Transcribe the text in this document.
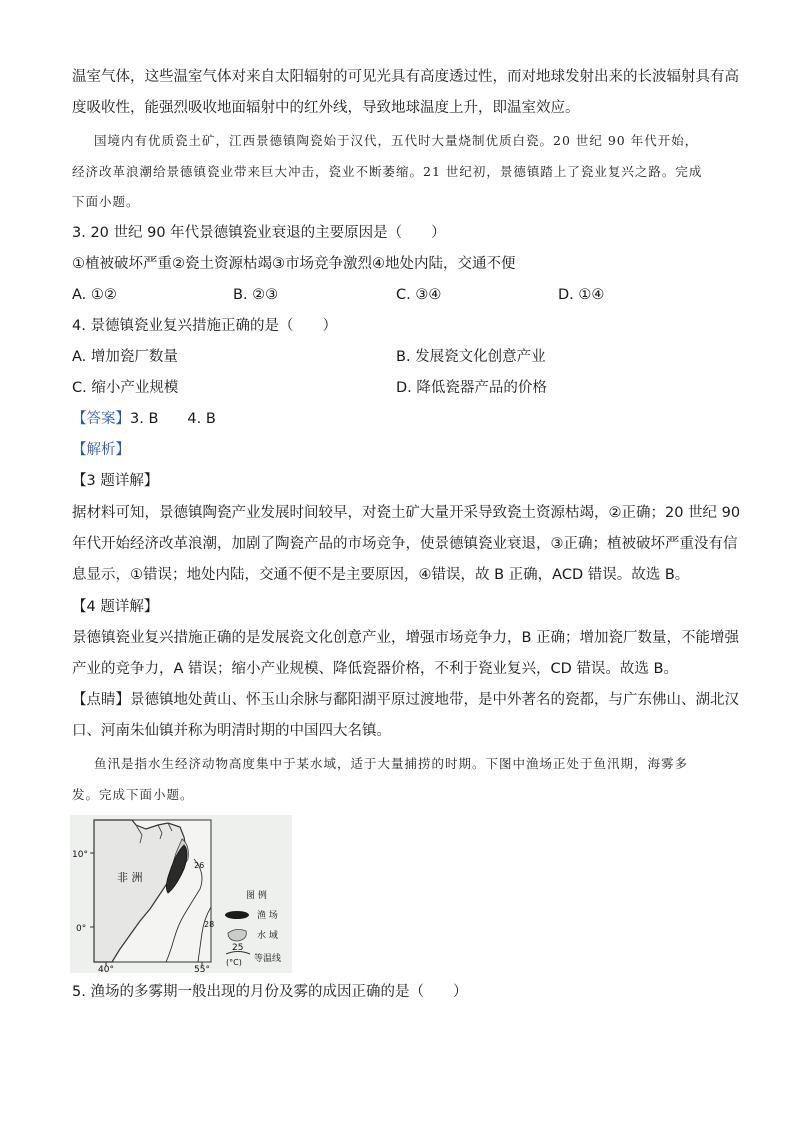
温室气体，这些温室气体对来自太阳辐射的可见光具有高度透过性，而对地球发射出来的长波辐射具有高
度吸收性，能强烈吸收地面辐射中的红外线，导致地球温度上升，即温室效应。
国境内有优质瓷土矿，江西景德镇陶瓷始于汉代，五代时大量烧制优质白瓷。20 世纪 90 年代开始，
经济改革浪潮给景德镇瓷业带来巨大冲击，瓷业不断萎缩。21 世纪初，景德镇踏上了瓷业复兴之路。完成
下面小题。
3. 20 世纪 90 年代景德镇瓷业衰退的主要原因是（　　）
①植被破坏严重②瓷土资源枯竭③市场竞争激烈④地处内陆，交通不便
A. ①②	B. ②③	C. ③④	D. ①④
4. 景德镇瓷业复兴措施正确的是（　　）
A. 增加瓷厂数量	B. 发展瓷文化创意产业
C. 缩小产业规模	D. 降低瓷器产品的价格
【答案】3. B　　4. B
【解析】
【3 题详解】
据材料可知，景德镇陶瓷产业发展时间较早，对瓷土矿大量开采导致瓷土资源枯竭，②正确；20 世纪 90
年代开始经济改革浪潮，加剧了陶瓷产品的市场竞争，使景德镇瓷业衰退，③正确；植被破坏严重没有信
息显示，①错误；地处内陆，交通不便不是主要原因，④错误，故 B 正确，ACD 错误。故选 B。
【4 题详解】
景德镇瓷业复兴措施正确的是发展瓷文化创意产业，增强市场竞争力，B 正确；增加瓷厂数量，不能增强
产业的竞争力，A 错误；缩小产业规模、降低瓷器价格，不利于瓷业复兴，CD 错误。故选 B。
【点睛】景德镇地处黄山、怀玉山余脉与鄱阳湖平原过渡地带，是中外著名的瓷都，与广东佛山、湖北汉
口、河南朱仙镇并称为明清时期的中国四大名镇。
鱼汛是指水生经济动物高度集中于某水域，适于大量捕捞的时期。下图中渔场正处于鱼汛期，海雾多
发。完成下面小题。
10°
0°
40°	55°
非 洲
26
28
图 例
渔 场
水 域
25
(°C) 等温线
5. 渔场的多雾期一般出现的月份及雾的成因正确的是（　　）
